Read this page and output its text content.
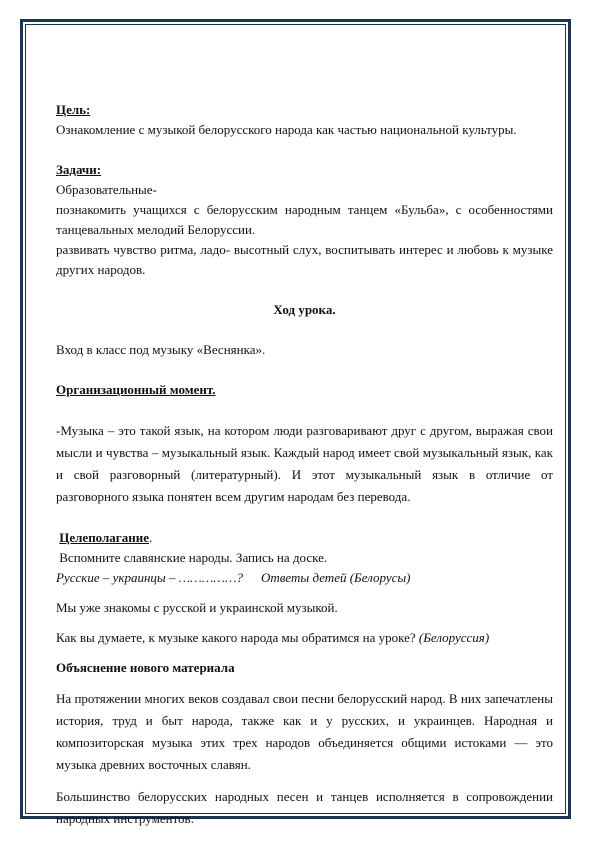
Цель:

Ознакомление с музыкой белорусского народа как частью национальной культуры.

Задачи:

Образовательные-

познакомить учащихся с белорусским народным танцем «Бульба», с особенностями танцевальных мелодий Белоруссии.

развивать чувство ритма, ладо- высотный слух, воспитывать интерес и любовь к музыке других народов.

Ход урока.

Вход в класс под музыку «Веснянка».

Организационный момент.

-Музыка – это такой язык, на котором люди разговаривают друг с другом, выражая свои мысли и чувства – музыкальный язык. Каждый народ имеет свой музыкальный язык, как и свой разговорный (литературный). И этот музыкальный язык в отличие от разговорного языка понятен всем другим народам без перевода.

Целеполагание.

Вспомните славянские народы. Запись на доске.

Русские – украинцы – ……………? Ответы детей (Белорусы)

Мы уже знакомы с русской и украинской музыкой.

Как вы думаете, к музыке какого народа мы обратимся на уроке? (Белоруссия)

Объяснение нового материала

На протяжении многих веков создавал свои песни белорусский народ. В них запечатлены история, труд и быт народа, также как и у русских, и украинцев. Народная и композиторская музыка этих трех народов объединяется общими истоками — это музыка древних восточных славян.

Большинство белорусских народных песен и танцев исполняется в сопровождении народных инструментов.
